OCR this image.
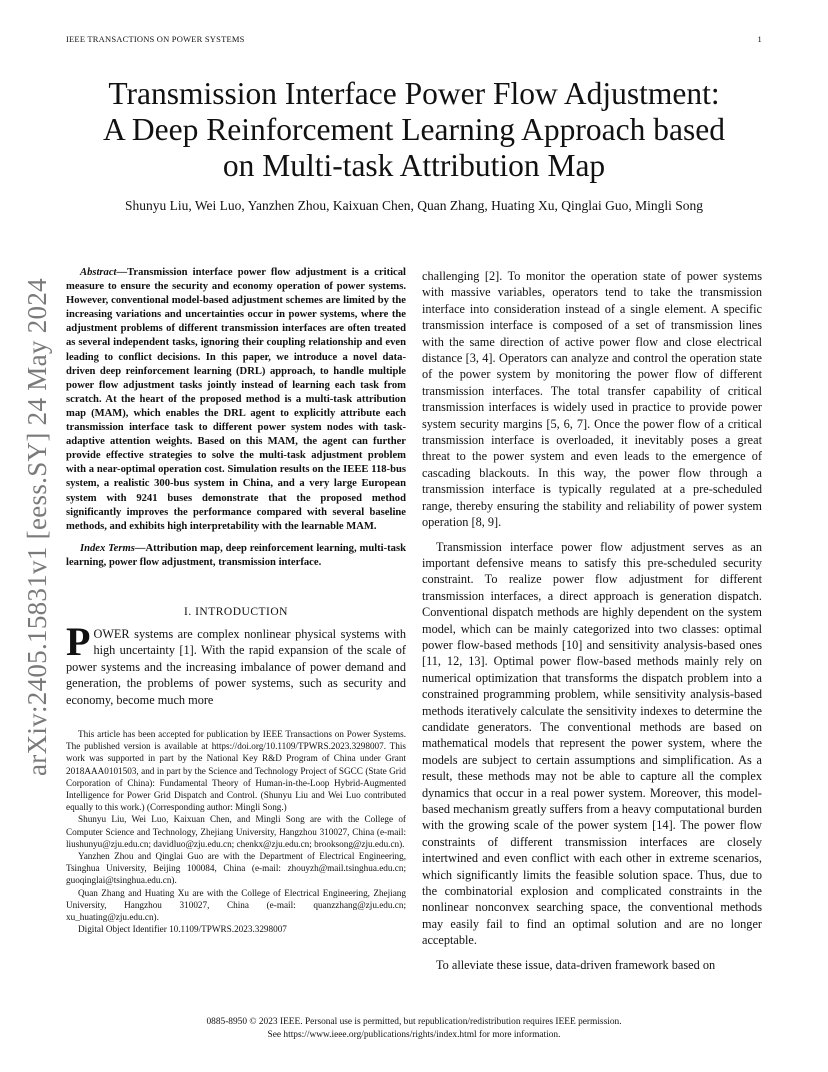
IEEE TRANSACTIONS ON POWER SYSTEMS	1
arXiv:2405.15831v1 [eess.SY] 24 May 2024
Transmission Interface Power Flow Adjustment:
A Deep Reinforcement Learning Approach based
on Multi-task Attribution Map
Shunyu Liu, Wei Luo, Yanzhen Zhou, Kaixuan Chen, Quan Zhang, Huating Xu, Qinglai Guo, Mingli Song

Abstract—Transmission interface power flow adjustment is a critical measure to ensure the security and economy operation of power systems. However, conventional model-based adjustment schemes are limited by the increasing variations and uncertainties occur in power systems, where the adjustment problems of different transmission interfaces are often treated as several independent tasks, ignoring their coupling relationship and even leading to conflict decisions. In this paper, we introduce a novel data-driven deep reinforcement learning (DRL) approach, to handle multiple power flow adjustment tasks jointly instead of learning each task from scratch. At the heart of the proposed method is a multi-task attribution map (MAM), which enables the DRL agent to explicitly attribute each transmission interface task to different power system nodes with task-adaptive attention weights. Based on this MAM, the agent can further provide effective strategies to solve the multi-task adjustment problem with a near-optimal operation cost. Simulation results on the IEEE 118-bus system, a realistic 300-bus system in China, and a very large European system with 9241 buses demonstrate that the proposed method significantly improves the performance compared with several baseline methods, and exhibits high interpretability with the learnable MAM.

Index Terms—Attribution map, deep reinforcement learning, multi-task learning, power flow adjustment, transmission interface.

I. INTRODUCTION

POWER systems are complex nonlinear physical systems with high uncertainty [1]. With the rapid expansion of the scale of power systems and the increasing imbalance of power demand and generation, the problems of power systems, such as security and economy, become much more

This article has been accepted for publication by IEEE Transactions on Power Systems. The published version is available at https://doi.org/10.1109/TPWRS.2023.3298007. This work was supported in part by the National Key R&D Program of China under Grant 2018AAA0101503, and in part by the Science and Technology Project of SGCC (State Grid Corporation of China): Fundamental Theory of Human-in-the-Loop Hybrid-Augmented Intelligence for Power Grid Dispatch and Control. (Shunyu Liu and Wei Luo contributed equally to this work.) (Corresponding author: Mingli Song.)

Shunyu Liu, Wei Luo, Kaixuan Chen, and Mingli Song are with the College of Computer Science and Technology, Zhejiang University, Hangzhou 310027, China (e-mail: liushunyu@zju.edu.cn; davidluo@zju.edu.cn; chenkx@zju.edu.cn; brooksong@zju.edu.cn).

Yanzhen Zhou and Qinglai Guo are with the Department of Electrical Engineering, Tsinghua University, Beijing 100084, China (e-mail: zhouyzh@mail.tsinghua.edu.cn; guoqinglai@tsinghua.edu.cn).

Quan Zhang and Huating Xu are with the College of Electrical Engineering, Zhejiang University, Hangzhou 310027, China (e-mail: quanzzhang@zju.edu.cn; xu_huating@zju.edu.cn).

Digital Object Identifier 10.1109/TPWRS.2023.3298007

challenging [2]. To monitor the operation state of power systems with massive variables, operators tend to take the transmission interface into consideration instead of a single element. A specific transmission interface is composed of a set of transmission lines with the same direction of active power flow and close electrical distance [3, 4]. Operators can analyze and control the operation state of the power system by monitoring the power flow of different transmission interfaces. The total transfer capability of critical transmission interfaces is widely used in practice to provide power system security margins [5, 6, 7]. Once the power flow of a critical transmission interface is overloaded, it inevitably poses a great threat to the power system and even leads to the emergence of cascading blackouts. In this way, the power flow through a transmission interface is typically regulated at a pre-scheduled range, thereby ensuring the stability and reliability of power system operation [8, 9].

Transmission interface power flow adjustment serves as an important defensive means to satisfy this pre-scheduled security constraint. To realize power flow adjustment for different transmission interfaces, a direct approach is generation dispatch. Conventional dispatch methods are highly dependent on the system model, which can be mainly categorized into two classes: optimal power flow-based methods [10] and sensitivity analysis-based ones [11, 12, 13]. Optimal power flow-based methods mainly rely on numerical optimization that transforms the dispatch problem into a constrained programming problem, while sensitivity analysis-based methods iteratively calculate the sensitivity indexes to determine the candidate generators. The conventional methods are based on mathematical models that represent the power system, where the models are subject to certain assumptions and simplification. As a result, these methods may not be able to capture all the complex dynamics that occur in a real power system. Moreover, this model-based mechanism greatly suffers from a heavy computational burden with the growing scale of the power system [14]. The power flow constraints of different transmission interfaces are closely intertwined and even conflict with each other in extreme scenarios, which significantly limits the feasible solution space. Thus, due to the combinatorial explosion and complicated constraints in the nonlinear nonconvex searching space, the conventional methods may easily fail to find an optimal solution and are no longer acceptable.

To alleviate these issue, data-driven framework based on

0885-8950 © 2023 IEEE. Personal use is permitted, but republication/redistribution requires IEEE permission.
See https://www.ieee.org/publications/rights/index.html for more information.
